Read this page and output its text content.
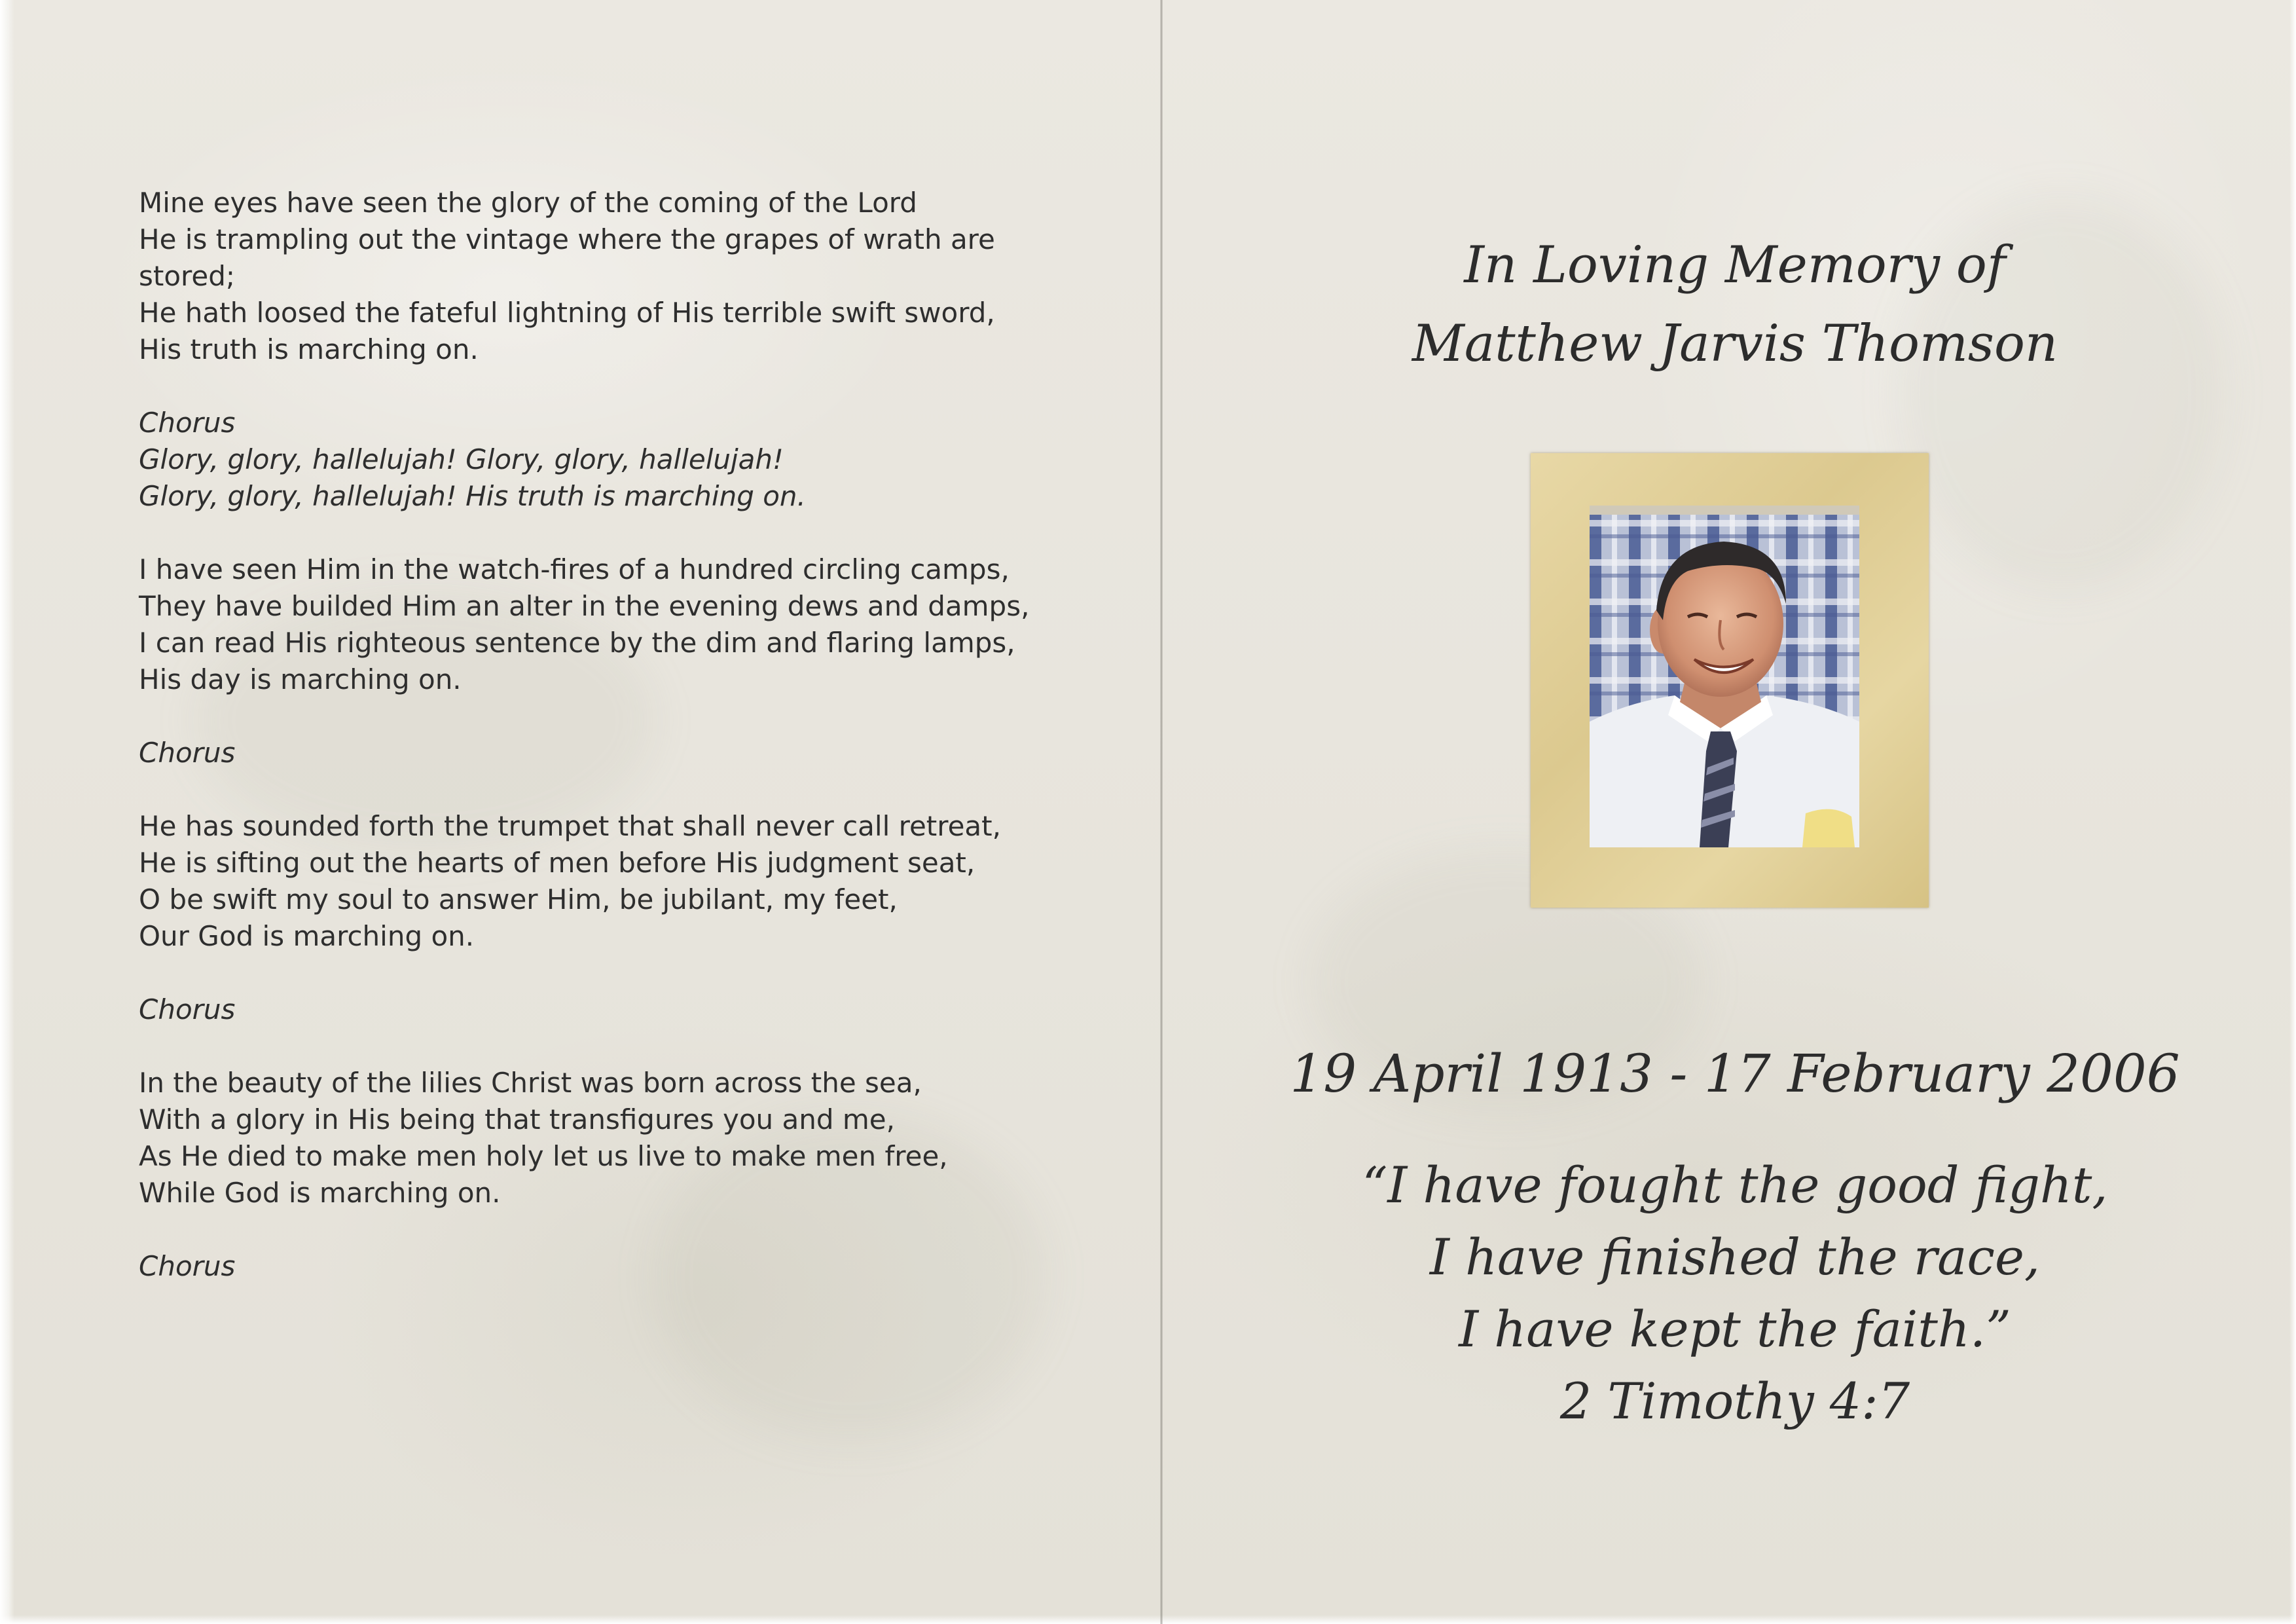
Mine eyes have seen the glory of the coming of the Lord
He is trampling out the vintage where the grapes of wrath are
stored;
He hath loosed the fateful lightning of His terrible swift sword,
His truth is marching on.
Chorus
Glory, glory, hallelujah! Glory, glory, hallelujah!
Glory, glory, hallelujah! His truth is marching on.
I have seen Him in the watch-fires of a hundred circling camps,
They have builded Him an alter in the evening dews and damps,
I can read His righteous sentence by the dim and flaring lamps,
His day is marching on.
Chorus
He has sounded forth the trumpet that shall never call retreat,
He is sifting out the hearts of men before His judgment seat,
O be swift my soul to answer Him, be jubilant, my feet,
Our God is marching on.
Chorus
In the beauty of the lilies Christ was born across the sea,
With a glory in His being that transfigures you and me,
As He died to make men holy let us live to make men free,
While God is marching on.
Chorus
In Loving Memory of
Matthew Jarvis Thomson
19 April 1913 - 17 February 2006
“I have fought the good fight,
I have finished the race,
I have kept the faith.”
2 Timothy 4:7
